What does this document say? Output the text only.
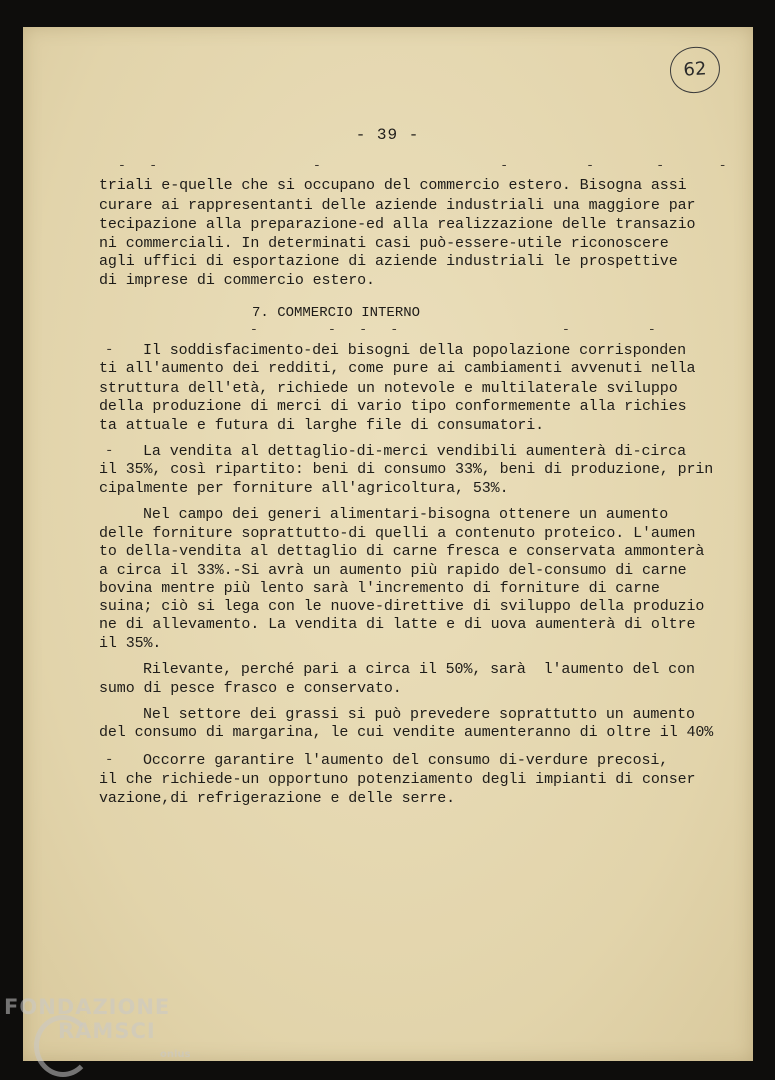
62
- 39 -
-   -                    -                       -          -        -       -
triali e-quelle che si occupano del commercio estero. Bisogna assi
curare ai rappresentanti delle aziende industriali una maggiore par
tecipazione alla preparazione-ed alla realizzazione delle transazio
ni commerciali. In determinati casi può-essere-utile riconoscere
agli uffici di esportazione di aziende industriali le prospettive
di imprese di commercio estero.
7. COMMERCIO INTERNO
-         -   -   -                     -          -
- Il soddisfacimento-dei bisogni della popolazione corrisponden
ti all'aumento dei redditi, come pure ai cambiamenti avvenuti nella
struttura dell'età, richiede un notevole e multilaterale sviluppo
della produzione di merci di vario tipo conformemente alla richies
ta attuale e futura di larghe file di consumatori.
- La vendita al dettaglio-di-merci vendibili aumenterà di-circa
il 35%, così ripartito: beni di consumo 33%, beni di produzione, prin
cipalmente per forniture all'agricoltura, 53%.
Nel campo dei generi alimentari-bisogna ottenere un aumento
delle forniture soprattutto-di quelli a contenuto proteico. L'aumen
to della-vendita al dettaglio di carne fresca e conservata ammonterà
a circa il 33%.-Si avrà un aumento più rapido del-consumo di carne
bovina mentre più lento sarà l'incremento di forniture di carne
suina; ciò si lega con le nuove-direttive di sviluppo della produzio
ne di allevamento. La vendita di latte e di uova aumenterà di oltre
il 35%.
Rilevante, perché pari a circa il 50%, sarà  l'aumento del con
sumo di pesce frasco e conservato.
Nel settore dei grassi si può prevedere soprattutto un aumento
del consumo di margarina, le cui vendite aumenteranno di oltre il 40%
- Occorre garantire l'aumento del consumo di-verdure precosi,
il che richiede-un opportuno potenziamento degli impianti di conser
vazione,di refrigerazione e delle serre.
FONDAZIONE
RAMSCI
onlus
